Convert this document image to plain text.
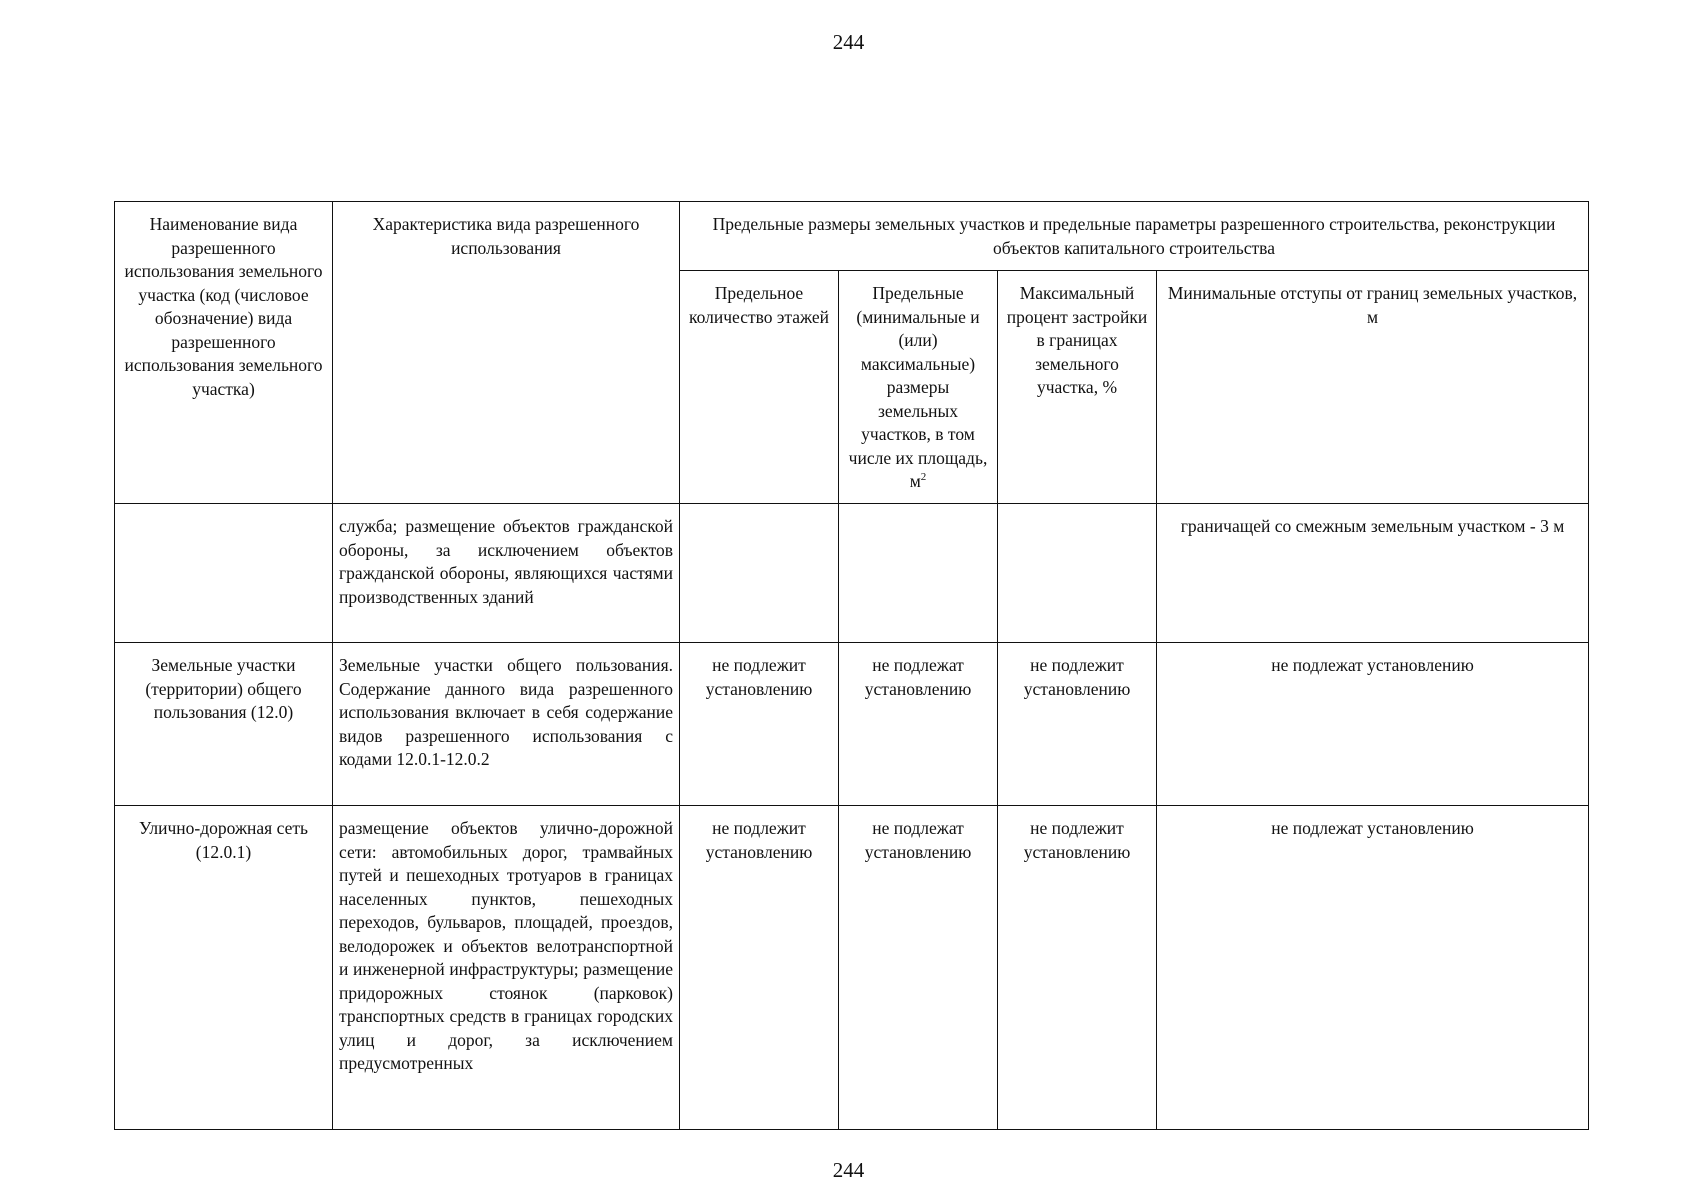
244
Наименование вида разрешенного использования земельного участка (код (числовое обозначение) вида разрешенного использования земельного участка)	Характеристика вида разрешенного использования	Предельные размеры земельных участков и предельные параметры разрешенного строительства, реконструкции объектов капитального строительства			
		Предельное количество этажей	Предельные (минимальные и (или) максимальные) размеры земельных участков, в том числе их площадь, $м^2$	Максимальный процент застройки в границах земельного участка, %	Минимальные отступы от границ земельных участков, м
	служба; размещение объектов гражданской обороны, за исключением объектов гражданской обороны, являющихся частями производственных зданий				граничащей со смежным земельным участком - 3 м
Земельные участки (территории) общего пользования (12.0)	Земельные участки общего пользования. Содержание данного вида разрешенного использования включает в себя содержание видов разрешенного использования с кодами 12.0.1-12.0.2	не подлежит установлению	не подлежат установлению	не подлежит установлению	не подлежат установлению
Улично-дорожная сеть (12.0.1)	размещение объектов улично-дорожной сети: автомобильных дорог, трамвайных путей и пешеходных тротуаров в границах населенных пунктов, пешеходных переходов, бульваров, площадей, проездов, велодорожек и объектов велотранспортной и инженерной инфраструктуры; размещение придорожных стоянок (парковок) транспортных средств в границах городских улиц и дорог, за исключением предусмотренных	не подлежит установлению	не подлежат установлению	не подлежит установлению	не подлежат установлению
244
